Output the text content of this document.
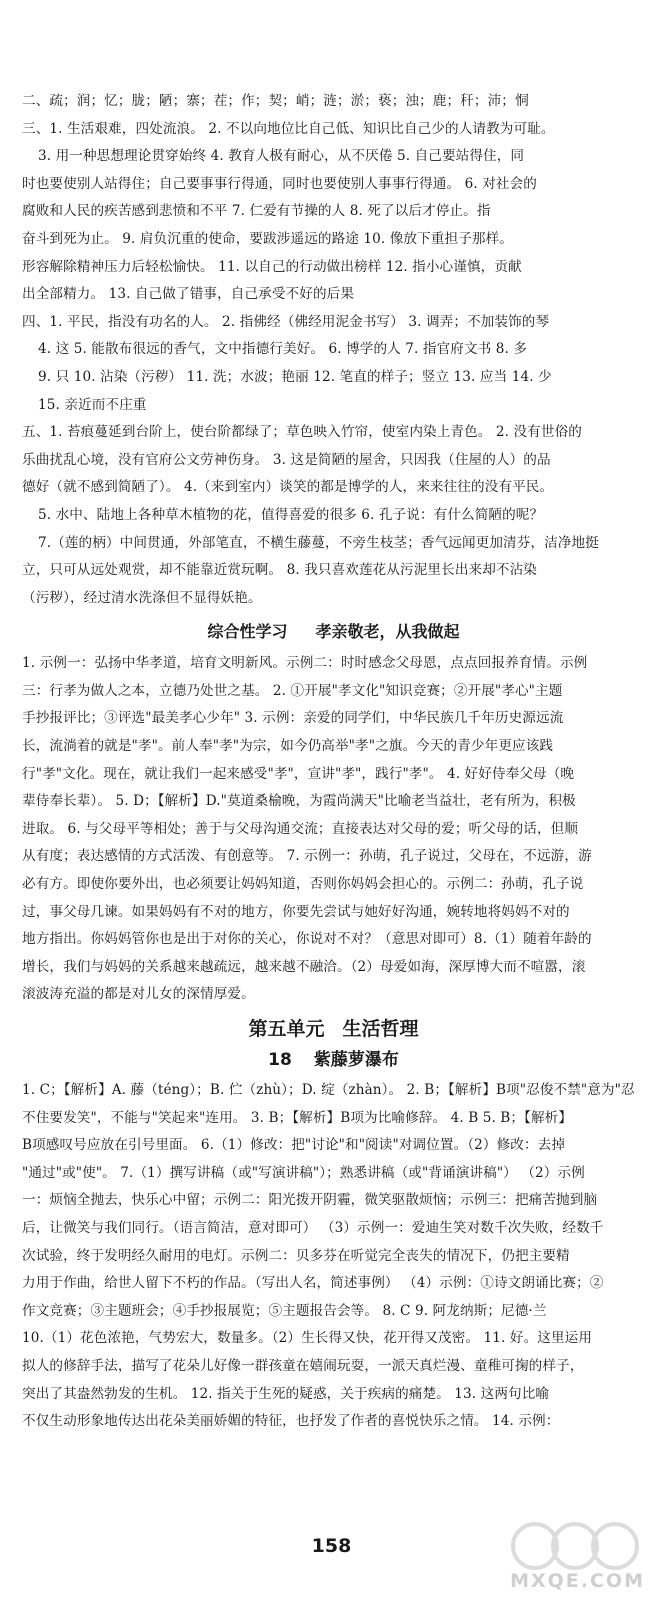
二、疏；润；忆；胧；陋；寨；茬；作；契；峭；涟；淤；亵；浊；鹿；秆；沛；恫
三、1. 生活艰难，四处流浪。 2. 不以向地位比自己低、知识比自己少的人请教为可耻。
3. 用一种思想理论贯穿始终 4. 教育人极有耐心，从不厌倦 5. 自己要站得住，同
时也要使别人站得住；自己要事事行得通，同时也要使别人事事行得通。 6. 对社会的
腐败和人民的疾苦感到悲愤和不平 7. 仁爱有节操的人 8. 死了以后才停止。指
奋斗到死为止。 9. 肩负沉重的使命，要跋涉遥远的路途 10. 像放下重担子那样。
形容解除精神压力后轻松愉快。 11. 以自己的行动做出榜样 12. 指小心谨慎，贡献
出全部精力。 13. 自己做了错事，自己承受不好的后果
四、1. 平民，指没有功名的人。 2. 指佛经（佛经用泥金书写） 3. 调弄；不加装饰的琴
4. 这 5. 能散布很远的香气，文中指德行美好。 6. 博学的人 7. 指官府文书 8. 多
9. 只 10. 沾染（污秽） 11. 洗；水波；艳丽 12. 笔直的样子；竖立 13. 应当 14. 少
15. 亲近而不庄重
五、1. 苔痕蔓延到台阶上，使台阶都绿了；草色映入竹帘，使室内染上青色。 2. 没有世俗的
乐曲扰乱心境，没有官府公文劳神伤身。 3. 这是简陋的屋舍，只因我（住屋的人）的品
德好（就不感到简陋了）。 4.（来到室内）谈笑的都是博学的人，来来往往的没有平民。
5. 水中、陆地上各种草木植物的花，值得喜爱的很多 6. 孔子说：有什么简陋的呢？
7.（莲的柄）中间贯通，外部笔直，不横生藤蔓，不旁生枝茎；香气远闻更加清芬，洁净地挺
立，只可从远处观赏，却不能靠近赏玩啊。 8. 我只喜欢莲花从污泥里长出来却不沾染
（污秽），经过清水洗涤但不显得妖艳。
综合性学习 孝亲敬老，从我做起
1. 示例一：弘扬中华孝道，培育文明新风。示例二：时时感念父母恩，点点回报养育情。示例
三：行孝为做人之本，立德乃处世之基。 2. ①开展"孝文化"知识竞赛；②开展"孝心"主题
手抄报评比；③评选"最美孝心少年" 3. 示例：亲爱的同学们，中华民族几千年历史源远流
长，流淌着的就是"孝"。前人奉"孝"为宗，如今仍高举"孝"之旗。今天的青少年更应该践
行"孝"文化。现在，就让我们一起来感受"孝"，宣讲"孝"，践行"孝"。 4. 好好侍奉父母（晚
辈侍奉长辈）。 5. D；【解析】D."莫道桑榆晚，为霞尚满天"比喻老当益壮，老有所为，积极
进取。 6. 与父母平等相处；善于与父母沟通交流；直接表达对父母的爱；听父母的话，但顺
从有度；表达感情的方式活泼、有创意等。 7. 示例一：孙萌，孔子说过，父母在，不远游，游
必有方。即使你要外出，也必须要让妈妈知道，否则你妈妈会担心的。示例二：孙萌，孔子说
过，事父母几谏。如果妈妈有不对的地方，你要先尝试与她好好沟通，婉转地将妈妈不对的
地方指出。你妈妈管你也是出于对你的关心，你说对不对？（意思对即可）8.（1）随着年龄的
增长，我们与妈妈的关系越来越疏远，越来越不融洽。（2）母爱如海，深厚博大而不喧嚣，滚
滚波涛充溢的都是对儿女的深情厚爱。
第五单元 生活哲理
18 紫藤萝瀑布
1. C；【解析】A. 藤（téng）；B. 伫（zhù）；D. 绽（zhàn）。 2. B；【解析】B项"忍俊不禁"意为"忍
不住要发笑"，不能与"笑起来"连用。 3. B；【解析】B项为比喻修辞。 4. B 5. B；【解析】
B项感叹号应放在引号里面。 6.（1）修改：把"讨论"和"阅读"对调位置。（2）修改：去掉
"通过"或"使"。 7.（1）撰写讲稿（或"写演讲稿"）；熟悉讲稿（或"背诵演讲稿"） （2）示例
一：烦恼全抛去，快乐心中留；示例二：阳光拨开阴霾，微笑驱散烦恼；示例三：把痛苦抛到脑
后，让微笑与我们同行。（语言简洁，意对即可） （3）示例一：爱迪生笑对数千次失败，经数千
次试验，终于发明经久耐用的电灯。示例二：贝多芬在听觉完全丧失的情况下，仍把主要精
力用于作曲，给世人留下不朽的作品。（写出人名，简述事例） （4）示例：①诗文朗诵比赛；②
作文竞赛；③主题班会；④手抄报展览；⑤主题报告会等。 8. C 9. 阿龙纳斯；尼德·兰
10.（1）花色浓艳，气势宏大，数量多。（2）生长得又快，花开得又茂密。 11. 好。这里运用
拟人的修辞手法，描写了花朵儿好像一群孩童在嬉闹玩耍，一派天真烂漫、童稚可掬的样子，
突出了其盎然勃发的生机。 12. 指关于生死的疑惑，关于疾病的痛楚。 13. 这两句比喻
不仅生动形象地传达出花朵美丽娇媚的特征，也抒发了作者的喜悦快乐之情。 14. 示例：
158
MXQE.COM
